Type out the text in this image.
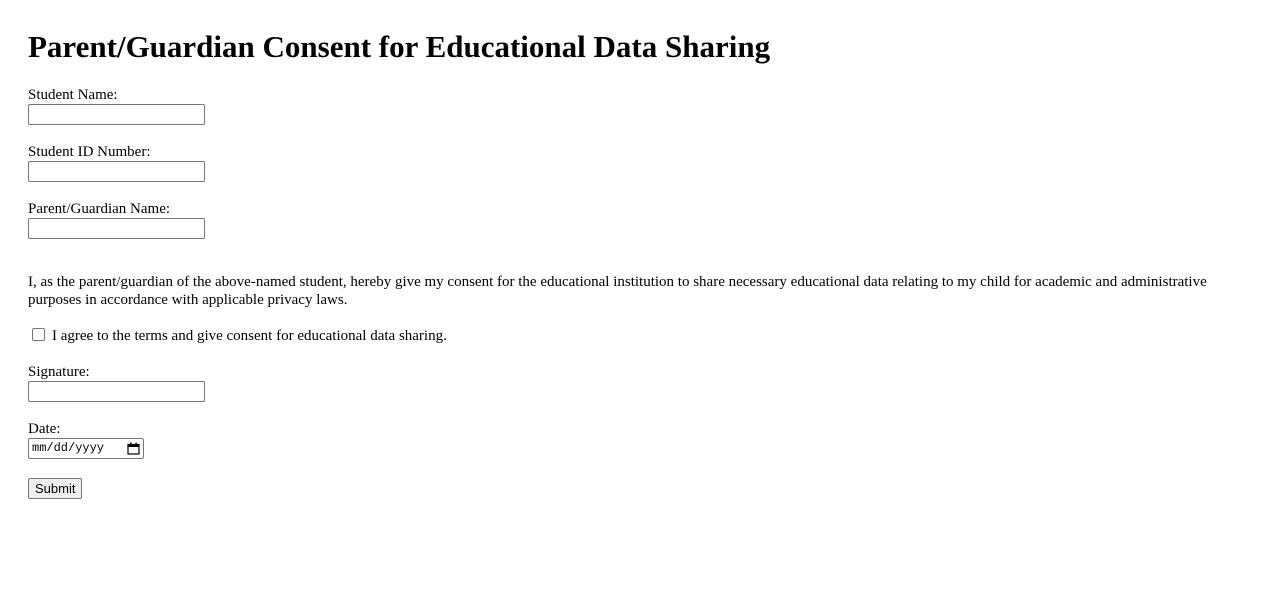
Parent/Guardian Consent for Educational Data Sharing
Student Name:
Student ID Number:
Parent/Guardian Name:

I, as the parent/guardian of the above-named student, hereby give my consent for the educational institution to share necessary educational data relating to my child for academic and administrative purposes in accordance with applicable privacy laws.

I agree to the terms and give consent for educational data sharing.
Signature:
Date:
mm/dd/yyyy
Submit
